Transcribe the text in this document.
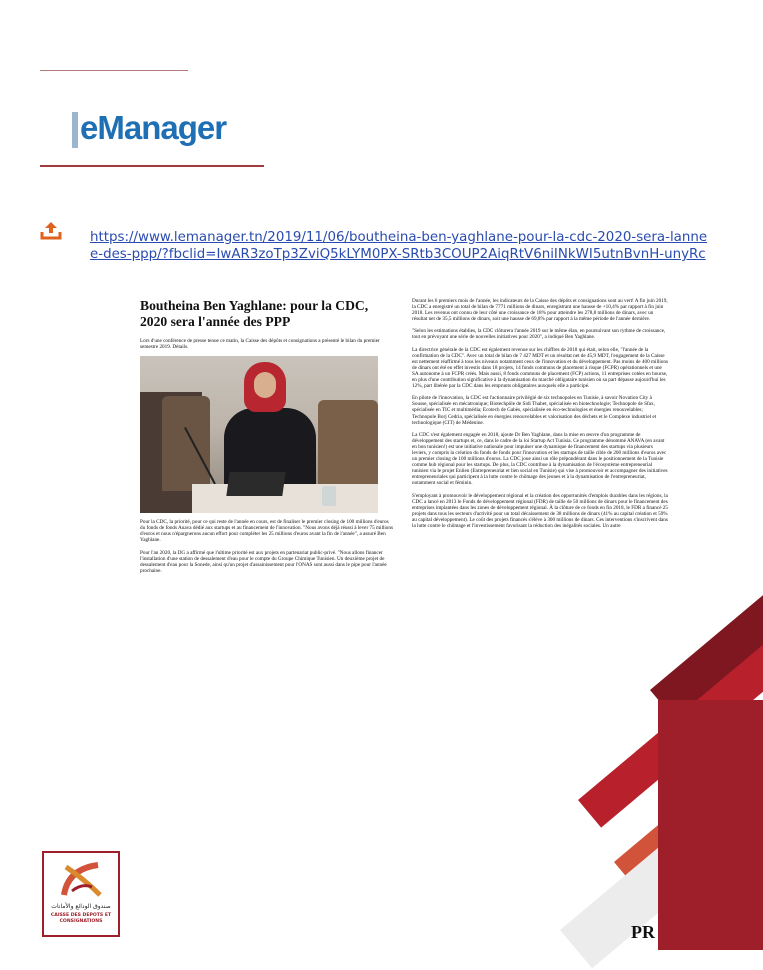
eManager
https://www.lemanager.tn/2019/11/06/boutheina-ben-yaghlane-pour-la-cdc-2020-sera-lannee-des-ppp/?fbclid=IwAR3zoTp3ZviQ5kLYM0PX-SRtb3COUP2AiqRtV6niINkWI5utnBvnH-unyRc
Boutheina Ben Yaghlane: pour la CDC, 2020 sera l'année des PPP
Lors d'une conférence de presse tenue ce matin, la Caisse des dépôts et consignations a présenté le bilan du premier semestre 2019. Détails.
Pour la CDC, la priorité, pour ce qui reste de l'année en cours, est de finaliser le premier closing de 100 millions d'euros du fonds de fonds Anava dédié aux startups et au financement de l'innovation. "Nous avons déjà réussi à lever 75 millions d'euros et nous n'épargnerons aucun effort pour compléter les 25 millions d'euros avant la fin de l'année", a assuré Ben Yaghlane.
Pour l'an 2020, la DG a affirmé que l'ultime priorité est aux projets en partenariat public-privé. "Nous allons financer l'installation d'une station de dessalement d'eau pour le compte du Groupe Chimique Tunisien. Un deuxième projet de dessalement d'eau pour la Sonede, ainsi qu'un projet d'assainissement pour l'ONAS sont aussi dans le pipe pour l'année prochaine.
Durant les 6 premiers mois de l'année, les indicateurs de la Caisse des dépôts et consignations sont au vert! A fin juin 2019, la CDC a enregistré un total de bilan de 7771 millions de dinars, enregistrant une hausse de +10,4% par rapport à fin juin 2018. Les revenus ont connu de leur côté une croissance de 18% pour atteindre les 278,8 millions de dinars, avec un résultat net de 35,5 millions de dinars, soit une hausse de 69,8% par rapport à la même période de l'année dernière.
"Selon les estimations établies, la CDC clôturera l'année 2019 sur le même élan, en poursuivant son rythme de croissance, tout en prévoyant une série de nouvelles initiatives pour 2020", a indiqué Ben Yaghlane.
La directrice générale de la CDC est également revenue sur les chiffres de 2018 qui était, selon elle, "l'année de la confirmation de la CDC". Avec un total de bilan de 7 427 MDT et un résultat net de 45,9 MDT, l'engagement de la Caisse est nettement réaffirmé à tous les niveaux notamment ceux de l'innovation et du développement. Pas moins de 400 millions de dinars ont été en effet investis dans 18 projets, 14 fonds communs de placement à risque (FCPR) opérationnels et une SA autonome à un FCPR créés. Mais aussi, 8 fonds communs de placement (FCP) actions, 11 entreprises cotées en bourse, en plus d'une contribution significative à la dynamisation du marché obligataire tunisien où sa part dépasse aujourd'hui les 12%, part libérée par la CDC dans les emprunts obligataires auxquels elle a participé.
En pilote de l'innovation, la CDC est l'actionnaire privilégié de six technopoles en Tunisie, à savoir Novation City à Sousse, spécialisée en mécatronique; Biotechpôle de Sidi Thabet, spécialisée en biotechnologie; Technopole de Sfax, spécialisée en TIC et multimédia; Ecotech de Gabès, spécialisée en éco-technologies et énergies renouvelables; Technopole Borj Cedria, spécialisée en énergies renouvelables et valorisation des déchets et le Complexe industriel et technologique (CIT) de Médenine.
La CDC s'est également engagée en 2018, ajoute Dr Ben Yaghlane, dans la mise en œuvre d'un programme de développement des startups et, ce, dans le cadre de la loi Startup Act Tunisia. Ce programme dénommé ANAVA (en avant en bon tunisien!) est une initiative nationale pour impulser une dynamique de financement des startups via plusieurs leviers, y compris la création du fonds de fonds pour l'innovation et les startups de taille cible de 200 millions d'euros avec un premier closing de 100 millions d'euros. La CDC joue ainsi un rôle prépondérant dans le positionnement de la Tunisie comme hub régional pour les startups. De plus, la CDC contribue à la dynamisation de l'écosystème entrepreneurial tunisien via le projet Enlien (Entrepreneuriat et lien social en Tunisie) qui vise à promouvoir et accompagner des initiatives entrepreneuriales qui participent à la lutte contre le chômage des jeunes et à la dynamisation de l'entrepreneuriat, notamment social et féminin.
S'employant à promouvoir le développement régional et la création des opportunités d'emplois durables dans les régions, la CDC a lancé en 2013 le Fonds de développement régional (FDR) de taille de 50 millions de dinars pour le financement des entreprises implantées dans les zones de développement régional. À la clôture de ce fonds en fin 2018, le FDR a financé 25 projets dans tous les secteurs d'activité pour un total décaissement de 38 millions de dinars (41% au capital création et 59% au capital développement). Le coût des projets financés s'élève à 300 millions de dinars. Ces interventions s'inscrivent dans la lutte contre le chômage et l'investissement favorisant la réduction des inégalités sociales. Un autre
صندوق الودائع والأمانات
CAISSE DES DEPOTS ET CONSIGNATIONS
PR Factory
